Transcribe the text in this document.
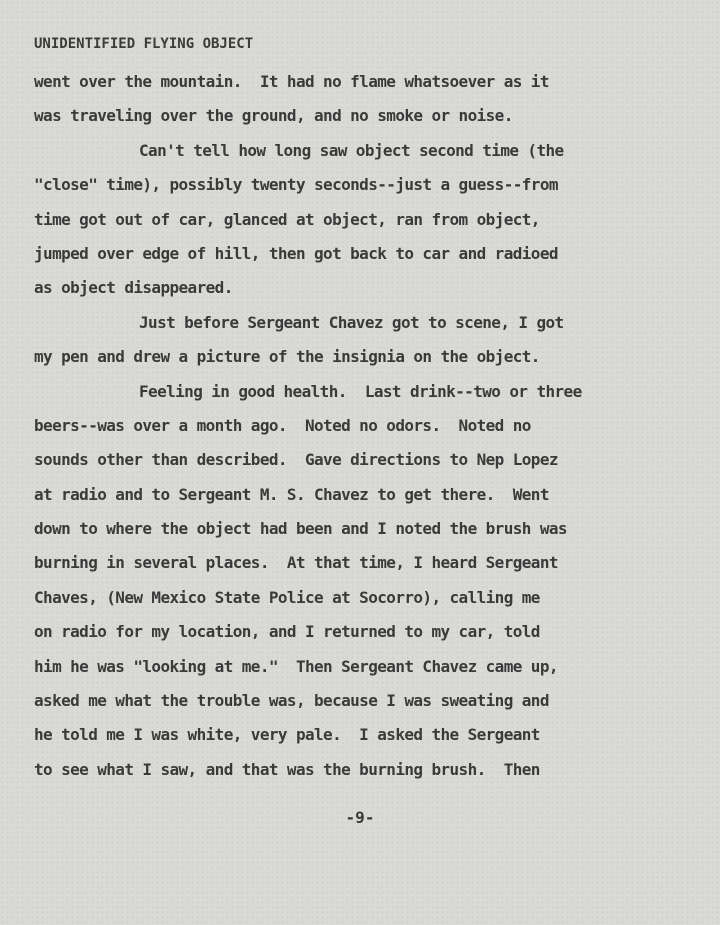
UNIDENTIFIED FLYING OBJECT
went over the mountain.  It had no flame whatsoever as it
was traveling over the ground, and no smoke or noise.
Can't tell how long saw object second time (the
"close" time), possibly twenty seconds--just a guess--from
time got out of car, glanced at object, ran from object,
jumped over edge of hill, then got back to car and radioed
as object disappeared.
Just before Sergeant Chavez got to scene, I got
my pen and drew a picture of the insignia on the object.
Feeling in good health.  Last drink--two or three
beers--was over a month ago.  Noted no odors.  Noted no
sounds other than described.  Gave directions to Nep Lopez
at radio and to Sergeant M. S. Chavez to get there.  Went
down to where the object had been and I noted the brush was
burning in several places.  At that time, I heard Sergeant
Chaves, (New Mexico State Police at Socorro), calling me
on radio for my location, and I returned to my car, told
him he was "looking at me."  Then Sergeant Chavez came up,
asked me what the trouble was, because I was sweating and
he told me I was white, very pale.  I asked the Sergeant
to see what I saw, and that was the burning brush.  Then
-9-
